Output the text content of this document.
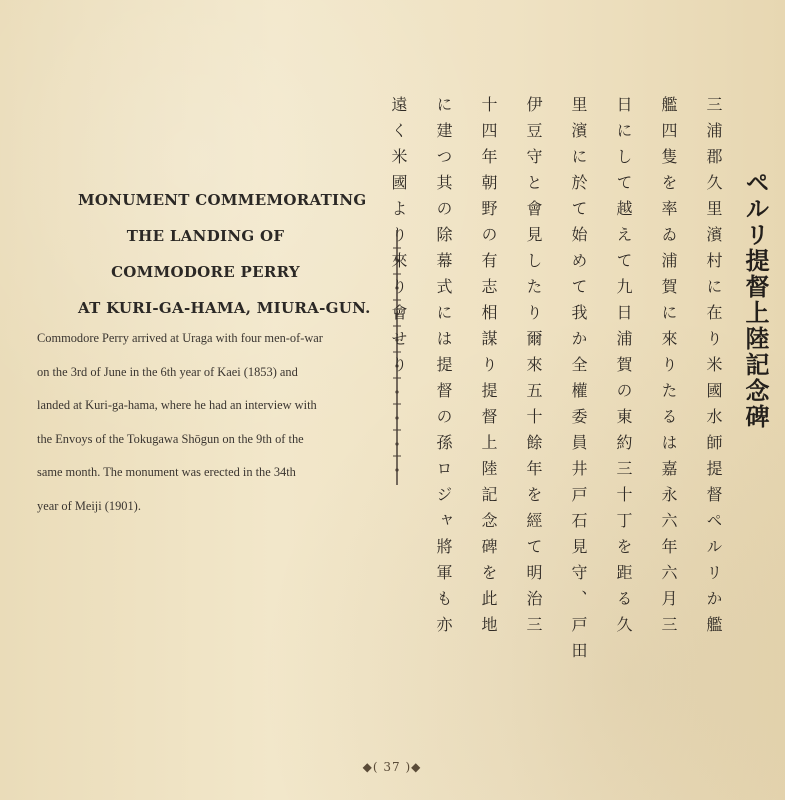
MONUMENT COMMEMORATING
THE LANDING OF
COMMODORE PERRY
AT KURI-GA-HAMA, MIURA-GUN.
Commodore Perry arrived at Uraga with four men-of-war
on the 3rd of June in the 6th year of Kaei (1853) and
landed at Kuri-ga-hama, where he had an interview with
the Envoys of the Tokugawa Shōgun on the 9th of the
same month. The monument was erected in the 34th
year of Meiji (1901).	三浦郡久里濱村に在り米國水師提督ペルリか艦
艦四隻を率ゐ浦賀に來りたるは嘉永六年六月三
日にして越えて九日浦賀の東約三十丁を距る久
里濱に於て始めて我か全權委員井戸石見守、戸田
伊豆守と會見したり爾來五十餘年を經て明治三
十四年朝野の有志相謀り提督上陸記念碑を此地
に建つ其の除幕式には提督の孫ロジャ將軍も亦
遠く米國より來り會せり	ペルリ提督上陸記念碑
◆( 37 )◆
